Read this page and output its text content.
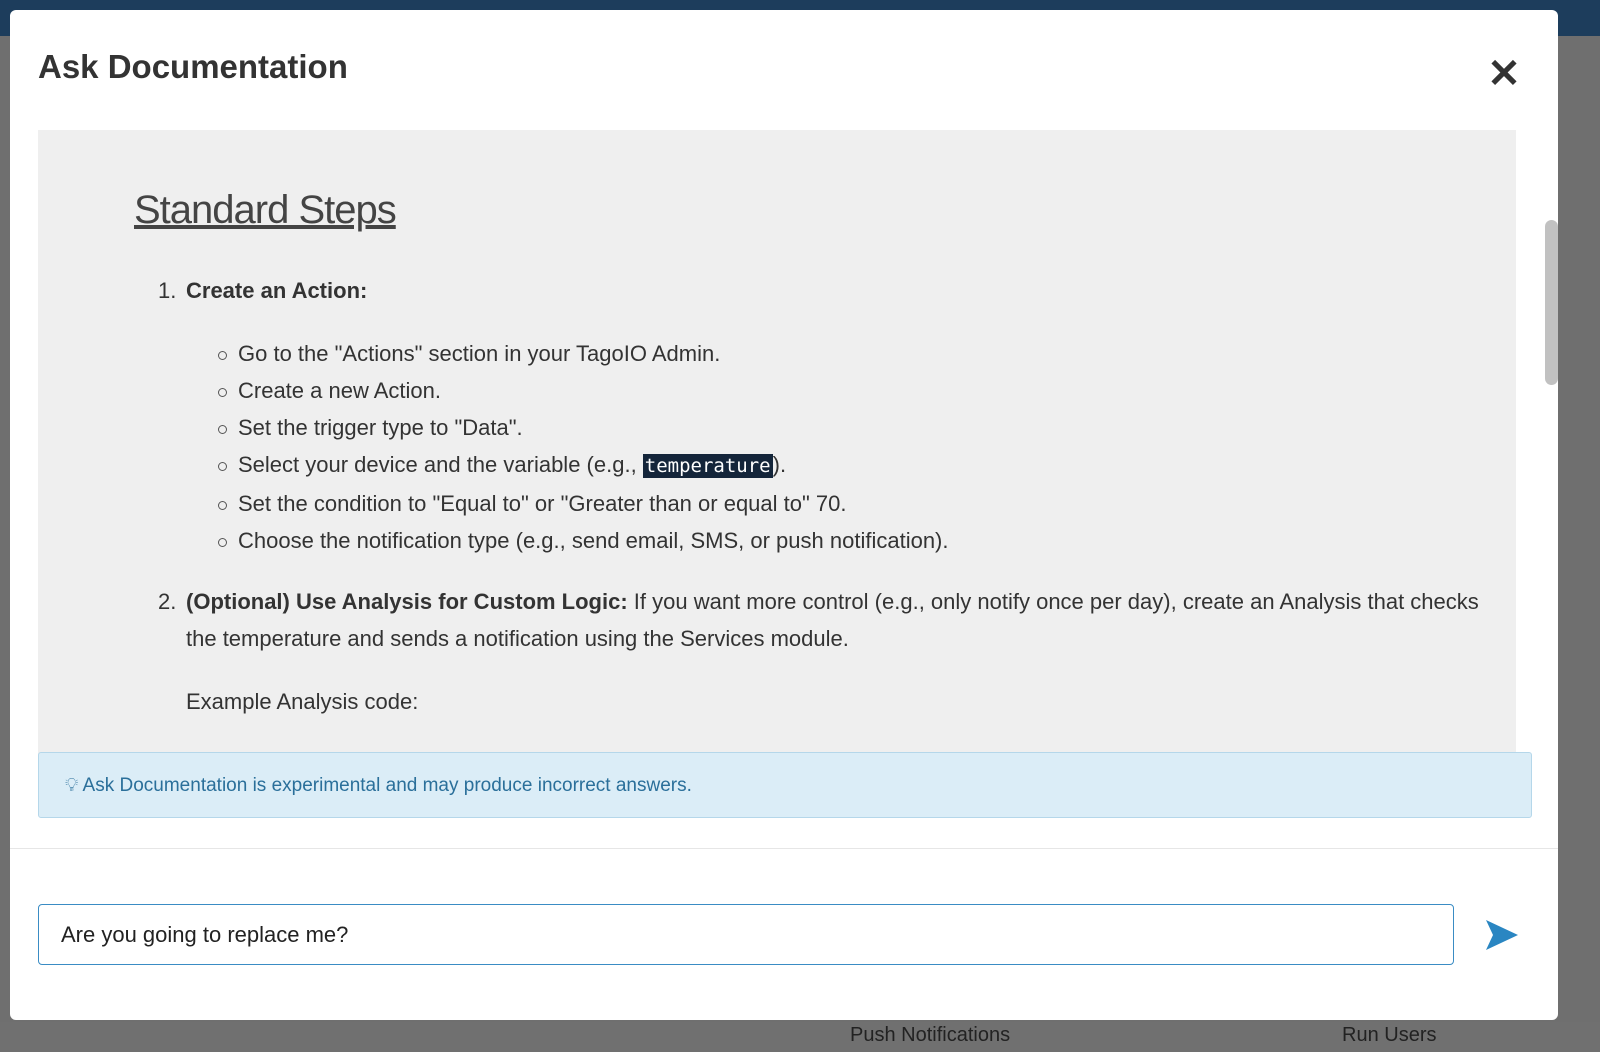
Push Notifications	Run Users
Ask Documentation	✕
Standard Steps
1. Create an Action:
Go to the "Actions" section in your TagoIO Admin.
Create a new Action.
Set the trigger type to "Data".
Select your device and the variable (e.g., temperature).
Set the condition to "Equal to" or "Greater than or equal to" 70.
Choose the notification type (e.g., send email, SMS, or push notification).
2. (Optional) Use Analysis for Custom Logic: If you want more control (e.g., only notify once per day), create an Analysis that checks the temperature and sends a notification using the Services module.
Example Analysis code:
💡︎ Ask Documentation is experimental and may produce incorrect answers.
Are you going to replace me?
